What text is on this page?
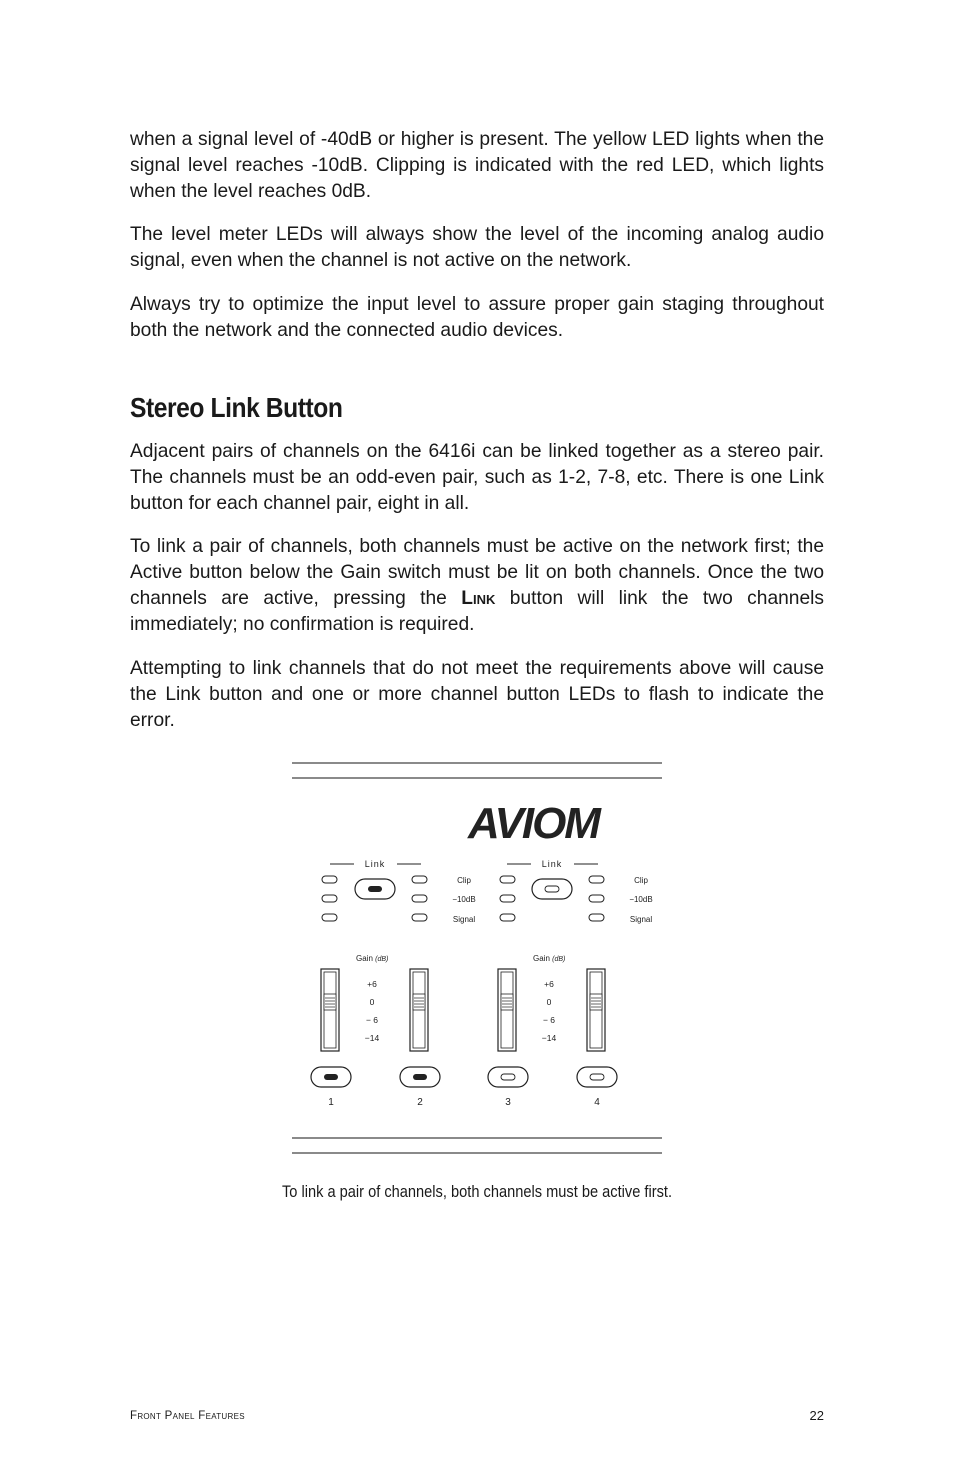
when a signal level of -40dB or higher is present. The yellow LED lights when the signal level reaches -10dB. Clipping is indicated with the red LED, which lights when the level reaches 0dB.

The level meter LEDs will always show the level of the incoming analog audio signal, even when the channel is not active on the network.

Always try to optimize the input level to assure proper gain staging throughout both the network and the connected audio devices.

Stereo Link Button

Adjacent pairs of channels on the 6416i can be linked together as a stereo pair. The channels must be an odd-even pair, such as 1-2, 7-8, etc. There is one Link button for each channel pair, eight in all.

To link a pair of channels, both channels must be active on the network first; the Active button below the Gain switch must be lit on both channels. Once the two channels are active, pressing the Link button will link the two channels immediately; no confirmation is required.

Attempting to link channels that do not meet the requirements above will cause the Link button and one or more channel button LEDs to flash to indicate the error.

AVIOM
Link
Clip
−10dB
Signal
Gain (dB)
+6
0
− 6
−14
1	2
Link
Clip
−10dB
Signal
Gain (dB)
+6
0
− 6
−14
3	4
To link a pair of channels, both channels must be active first.
Front Panel Features	22
